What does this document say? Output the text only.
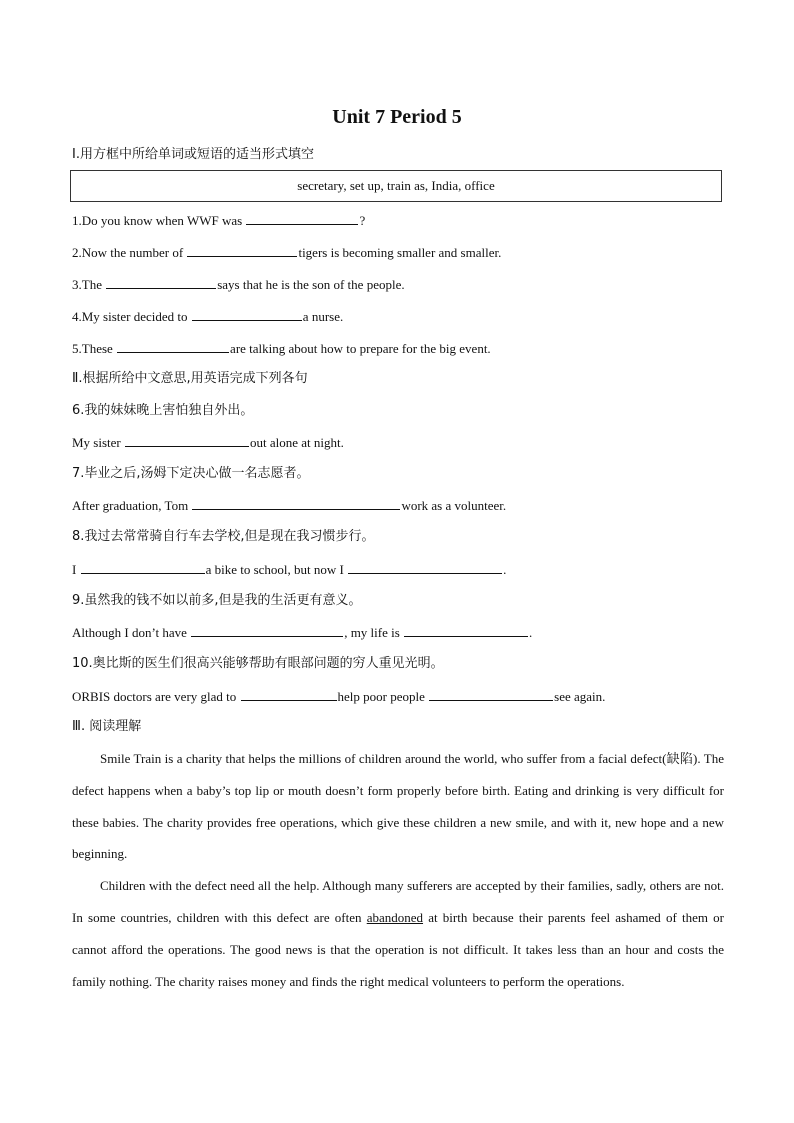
Unit 7 Period 5
Ⅰ.用方框中所给单词或短语的适当形式填空
secretary, set up, train as, India, office
1.Do you know when WWF was	?
2.Now the number of	tigers is becoming smaller and smaller.
3.The	says that he is the son of the people.
4.My sister decided to	a nurse.
5.These	are talking about how to prepare for the big event.
Ⅱ.根据所给中文意思,用英语完成下列各句
6.我的妹妹晚上害怕独自外出。
My sister	out alone at night.
7.毕业之后,汤姆下定决心做一名志愿者。
After graduation, Tom	work as a volunteer.
8.我过去常常骑自行车去学校,但是现在我习惯步行。
I	a bike to school, but now I	.
9.虽然我的钱不如以前多,但是我的生活更有意义。
Although I don’t have	, my life is	.
10.奥比斯的医生们很高兴能够帮助有眼部问题的穷人重见光明。
ORBIS doctors are very glad to	help poor people	see again.
Ⅲ. 阅读理解

Smile Train is a charity that helps the millions of children around the world, who suffer from a facial defect(缺陷). The defect happens when a baby’s top lip or mouth doesn’t form properly before birth. Eating and drinking is very difficult for these babies. The charity provides free operations, which give these children a new smile, and with it, new hope and a new beginning.

Children with the defect need all the help. Although many sufferers are accepted by their families, sadly, others are not. In some countries, children with this defect are often abandoned at birth because their parents feel ashamed of them or cannot afford the operations. The good news is that the operation is not difficult. It takes less than an hour and costs the family nothing. The charity raises money and finds the right medical volunteers to perform the operations.
